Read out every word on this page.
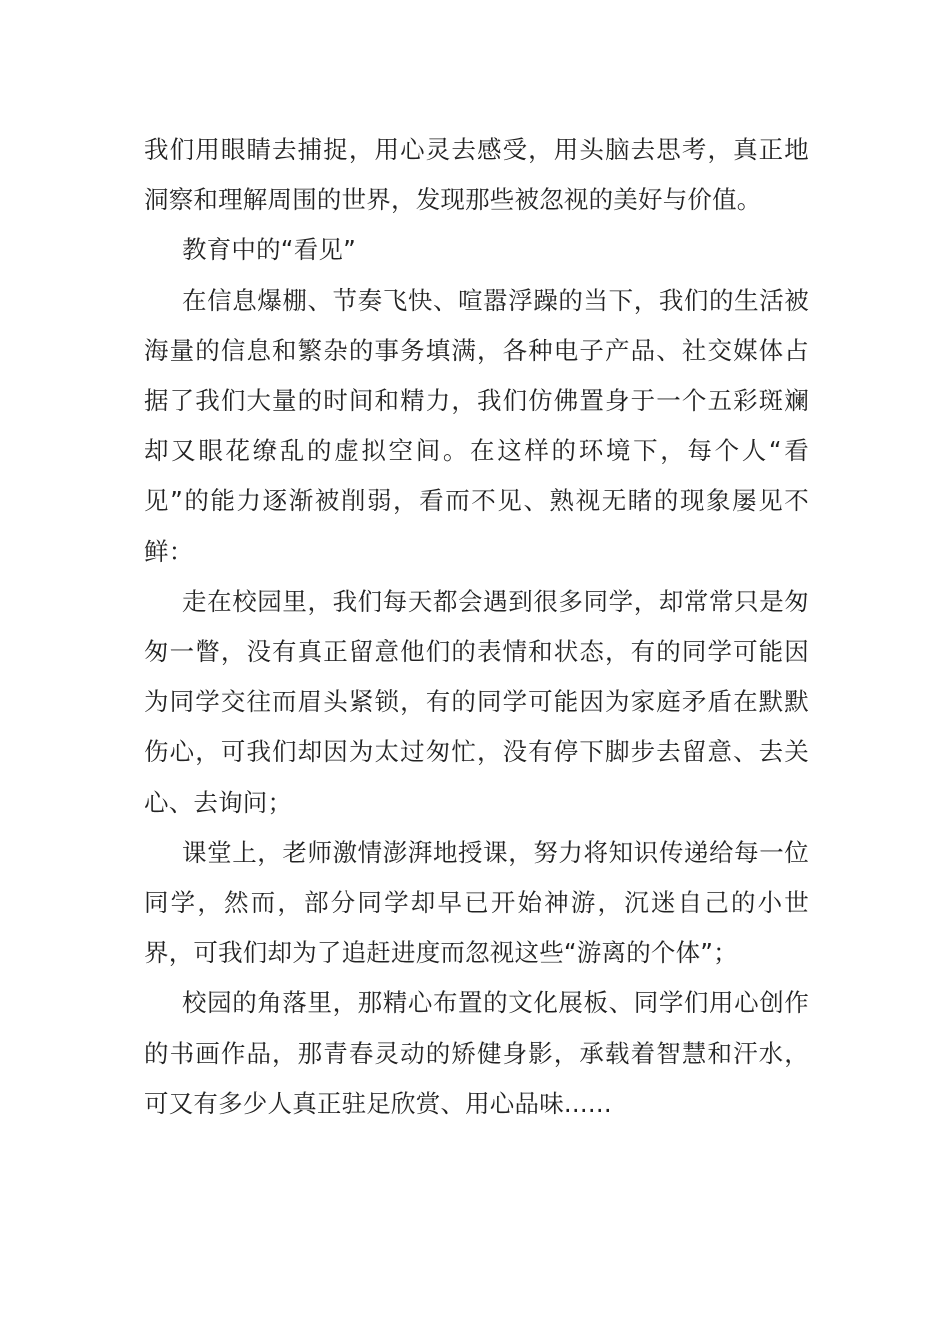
我们用眼睛去捕捉，用心灵去感受，用头脑去思考，真正地洞察和理解周围的世界，发现那些被忽视的美好与价值。

教育中的“看见”

在信息爆棚、节奏飞快、喧嚣浮躁的当下，我们的生活被海量的信息和繁杂的事务填满，各种电子产品、社交媒体占据了我们大量的时间和精力，我们仿佛置身于一个五彩斑斓却又眼花缭乱的虚拟空间。在这样的环境下，每个人“看见”的能力逐渐被削弱，看而不见、熟视无睹的现象屡见不鲜：

走在校园里，我们每天都会遇到很多同学，却常常只是匆匆一瞥，没有真正留意他们的表情和状态，有的同学可能因为同学交往而眉头紧锁，有的同学可能因为家庭矛盾在默默伤心，可我们却因为太过匆忙，没有停下脚步去留意、去关心、去询问；

课堂上，老师激情澎湃地授课，努力将知识传递给每一位同学，然而，部分同学却早已开始神游，沉迷自己的小世界，可我们却为了追赶进度而忽视这些“游离的个体”；

校园的角落里，那精心布置的文化展板、同学们用心创作的书画作品，那青春灵动的矫健身影，承载着智慧和汗水，可又有多少人真正驻足欣赏、用心品味......
